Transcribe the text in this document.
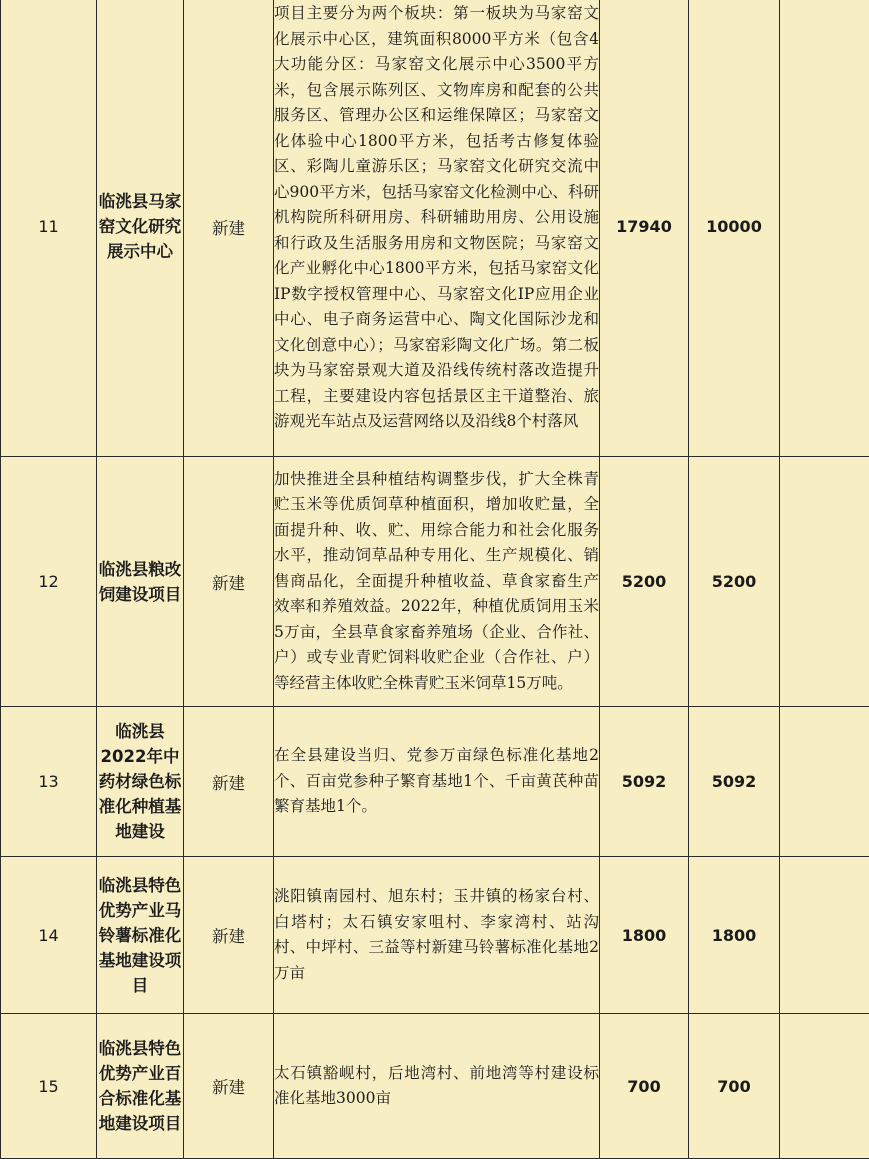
11	临洮县马家窑文化研究展示中心	新建	项目主要分为两个板块：第一板块为马家窑文化展示中心区，建筑面积8000平方米（包含4大功能分区：马家窑文化展示中心3500平方米，包含展示陈列区、文物库房和配套的公共服务区、管理办公区和运维保障区；马家窑文化体验中心1800平方米，包括考古修复体验区、彩陶儿童游乐区；马家窑文化研究交流中心900平方米，包括马家窑文化检测中心、科研机构院所科研用房、科研辅助用房、公用设施和行政及生活服务用房和文物医院；马家窑文化产业孵化中心1800平方米，包括马家窑文化IP数字授权管理中心、马家窑文化IP应用企业中心、电子商务运营中心、陶文化国际沙龙和文化创意中心）；马家窑彩陶文化广场。第二板块为马家窑景观大道及沿线传统村落改造提升工程，主要建设内容包括景区主干道整治、旅游观光车站点及运营网络以及沿线8个村落风	17940	10000	
12	临洮县粮改饲建设项目	新建	加快推进全县种植结构调整步伐，扩大全株青贮玉米等优质饲草种植面积，增加收贮量，全面提升种、收、贮、用综合能力和社会化服务水平，推动饲草品种专用化、生产规模化、销售商品化，全面提升种植收益、草食家畜生产效率和养殖效益。2022年，种植优质饲用玉米5万亩，全县草食家畜养殖场（企业、合作社、户）或专业青贮饲料收贮企业（合作社、户）等经营主体收贮全株青贮玉米饲草15万吨。	5200	5200	
13	临洮县2022年中药材绿色标准化种植基地建设	新建	在全县建设当归、党参万亩绿色标准化基地2个、百亩党参种子繁育基地1个、千亩黄芪种苗繁育基地1个。	5092	5092	
14	临洮县特色优势产业马铃薯标准化基地建设项目	新建	洮阳镇南园村、旭东村；玉井镇的杨家台村、白塔村；太石镇安家咀村、李家湾村、站沟村、中坪村、三益等村新建马铃薯标准化基地2万亩	1800	1800	
15	临洮县特色优势产业百合标准化基地建设项目	新建	太石镇豁岘村，后地湾村、前地湾等村建设标准化基地3000亩	700	700	
